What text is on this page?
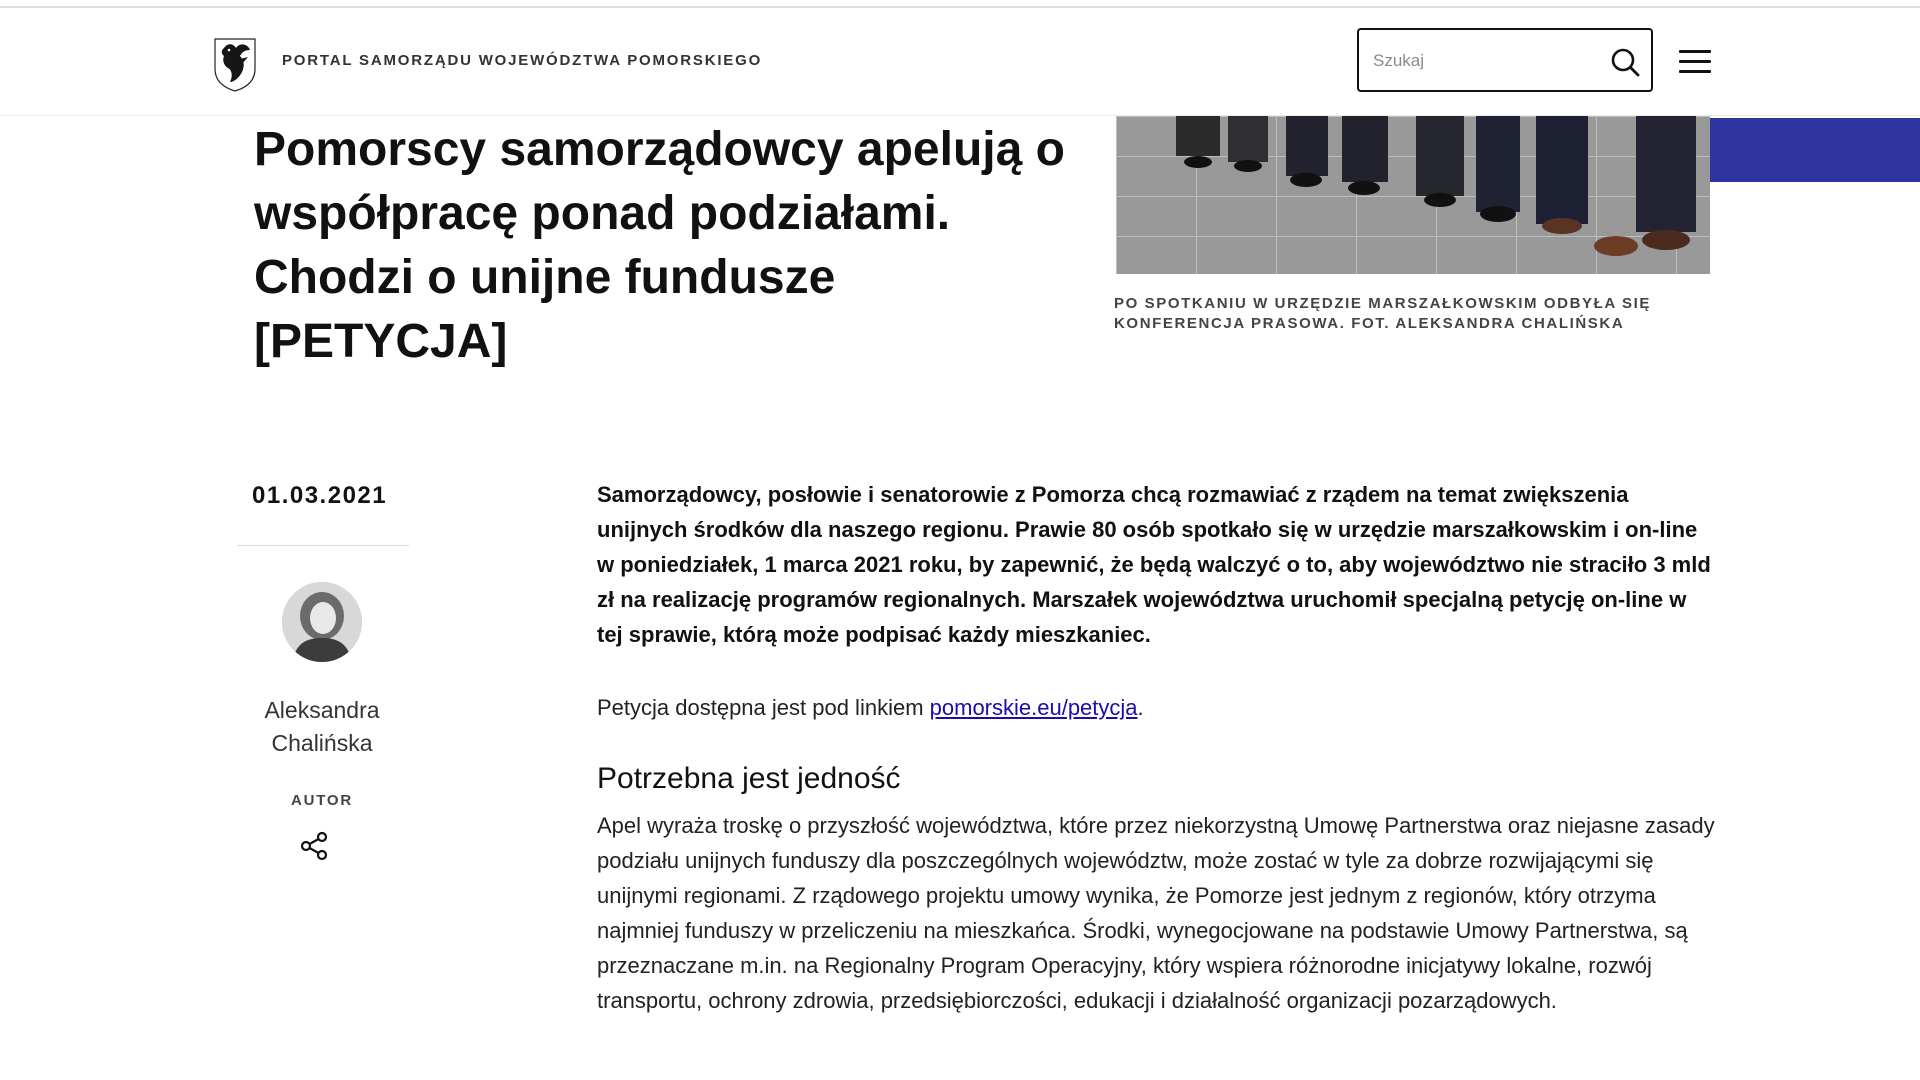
PORTAL SAMORZĄDU WOJEWÓDZTWA POMORSKIEGO
Szukaj
PO SPOTKANIU W URZĘDZIE MARSZAŁKOWSKIM ODBYŁA SIĘ KONFERENCJA PRASOWA. FOT. ALEKSANDRA CHALIŃSKA
Pomorscy samorządowcy apelują o współpracę ponad podziałami. Chodzi o unijne fundusze [PETYCJA]
01.03.2021
Aleksandra Chalińska
AUTOR

Samorządowcy, posłowie i senatorowie z Pomorza chcą rozmawiać z rządem na temat zwiększenia unijnych środków dla naszego regionu. Prawie 80 osób spotkało się w urzędzie marszałkowskim i on-line w poniedziałek, 1 marca 2021 roku, by zapewnić, że będą walczyć o to, aby województwo nie straciło 3 mld zł na realizację programów regionalnych. Marszałek województwa uruchomił specjalną petycję on-line w tej sprawie, którą może podpisać każdy mieszkaniec.

Petycja dostępna jest pod linkiem pomorskie.eu/petycja.

Potrzebna jest jedność

Apel wyraża troskę o przyszłość województwa, które przez niekorzystną Umowę Partnerstwa oraz niejasne zasady podziału unijnych funduszy dla poszczególnych województw, może zostać w tyle za dobrze rozwijającymi się unijnymi regionami. Z rządowego projektu umowy wynika, że Pomorze jest jednym z regionów, który otrzyma najmniej funduszy w przeliczeniu na mieszkańca. Środki, wynegocjowane na podstawie Umowy Partnerstwa, są przeznaczane m.in. na Regionalny Program Operacyjny, który wspiera różnorodne inicjatywy lokalne, rozwój transportu, ochrony zdrowia, przedsiębiorczości, edukacji i działalność organizacji pozarządowych.
